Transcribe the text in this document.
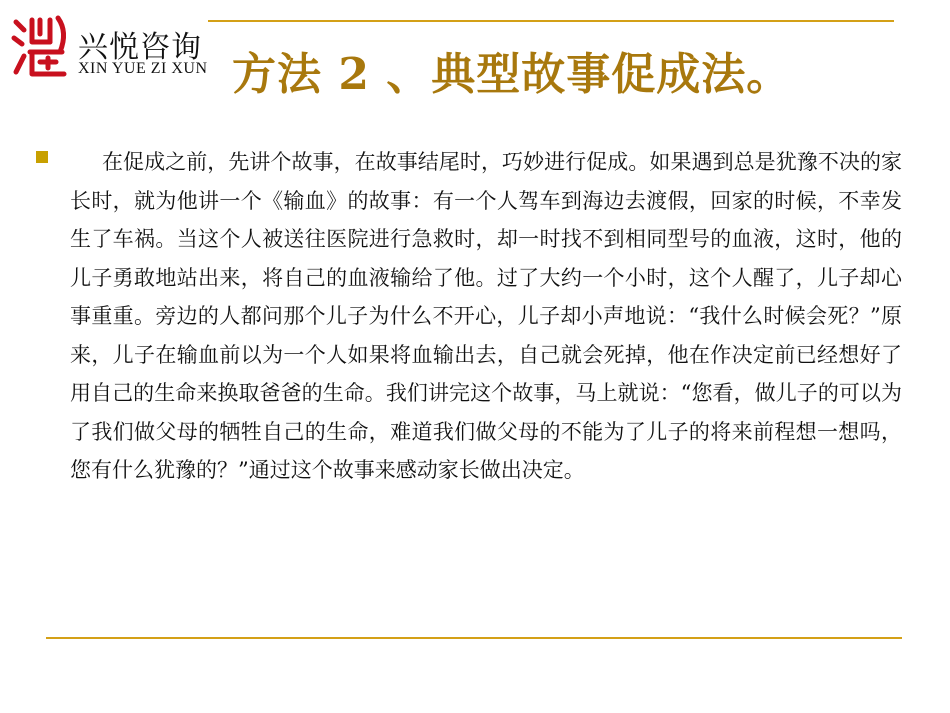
兴悦咨询
XIN YUE ZI XUN 方法 2 、典型故事促成法。

在促成之前，先讲个故事，在故事结尾时，巧妙进行促成。如果遇到总是犹豫不决的家长时，就为他讲一个《输血》的故事：有一个人驾车到海边去渡假，回家的时候，不幸发生了车祸。当这个人被送往医院进行急救时，却一时找不到相同型号的血液，这时，他的儿子勇敢地站出来，将自己的血液输给了他。过了大约一个小时，这个人醒了，儿子却心事重重。旁边的人都问那个儿子为什么不开心，儿子却小声地说：“我什么时候会死？”原来，儿子在输血前以为一个人如果将血输出去，自己就会死掉，他在作决定前已经想好了用自己的生命来换取爸爸的生命。我们讲完这个故事，马上就说：“您看，做儿子的可以为了我们做父母的牺牲自己的生命，难道我们做父母的不能为了儿子的将来前程想一想吗，您有什么犹豫的？”通过这个故事来感动家长做出决定。
